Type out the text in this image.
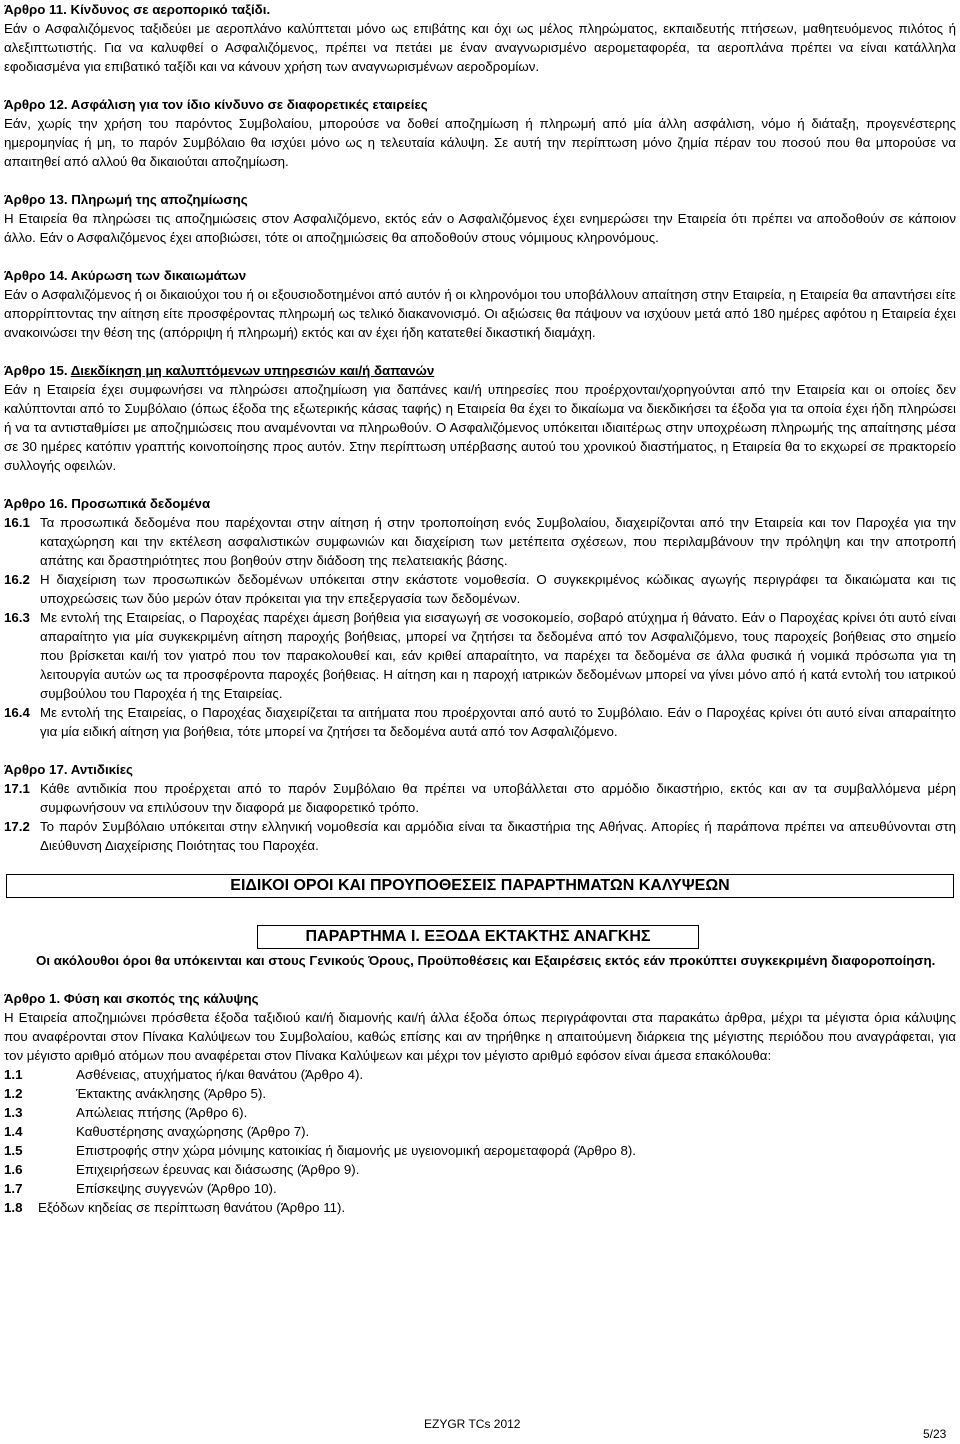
Άρθρο 11. Κίνδυνος σε αεροπορικό ταξίδι.
Εάν ο Ασφαλιζόμενος ταξιδεύει με αεροπλάνο καλύπτεται μόνο ως επιβάτης και όχι ως μέλος πληρώματος, εκπαιδευτής πτήσεων, μαθητευόμενος πιλότος ή αλεξιπτωτιστής. Για να καλυφθεί ο Ασφαλιζόμενος, πρέπει να πετάει με έναν αναγνωρισμένο αερομεταφορέα, τα αεροπλάνα πρέπει να είναι κατάλληλα εφοδιασμένα για επιβατικό ταξίδι και να κάνουν χρήση των αναγνωρισμένων αεροδρομίων.
Άρθρο 12. Ασφάλιση για τον ίδιο κίνδυνο σε διαφορετικές εταιρείες
Εάν, χωρίς την χρήση του παρόντος Συμβολαίου, μπορούσε να δοθεί αποζημίωση ή πληρωμή από μία άλλη ασφάλιση, νόμο ή διάταξη, προγενέστερης ημερομηνίας ή μη, το παρόν Συμβόλαιο θα ισχύει μόνο ως η τελευταία κάλυψη. Σε αυτή την περίπτωση μόνο ζημία πέραν του ποσού που θα μπορούσε να απαιτηθεί από αλλού θα δικαιούται αποζημίωση.
Άρθρο 13. Πληρωμή της αποζημίωσης
Η Εταιρεία θα πληρώσει τις αποζημιώσεις στον Ασφαλιζόμενο, εκτός εάν ο Ασφαλιζόμενος έχει ενημερώσει την Εταιρεία ότι πρέπει να αποδοθούν σε κάποιον άλλο. Εάν ο Ασφαλιζόμενος έχει αποβιώσει, τότε οι αποζημιώσεις θα αποδοθούν στους νόμιμους κληρονόμους.
Άρθρο 14. Ακύρωση των δικαιωμάτων
Εάν ο Ασφαλιζόμενος ή οι δικαιούχοι του ή οι εξουσιοδοτημένοι από αυτόν ή οι κληρονόμοι του υποβάλλουν απαίτηση στην Εταιρεία, η Εταιρεία θα απαντήσει είτε απορρίπτοντας την αίτηση είτε προσφέροντας πληρωμή ως τελικό διακανονισμό. Οι αξιώσεις θα πάψουν να ισχύουν μετά από 180 ημέρες αφότου η Εταιρεία έχει ανακοινώσει την θέση της (απόρριψη ή πληρωμή) εκτός και αν έχει ήδη κατατεθεί δικαστική διαμάχη.
Άρθρο 15. Διεκδίκηση μη καλυπτόμενων υπηρεσιών και/ή δαπανών
Εάν η Εταιρεία έχει συμφωνήσει να πληρώσει αποζημίωση για δαπάνες και/ή υπηρεσίες που προέρχονται/χορηγούνται από την Εταιρεία και οι οποίες δεν καλύπτονται από το Συμβόλαιο (όπως έξοδα της εξωτερικής κάσας ταφής) η Εταιρεία θα έχει το δικαίωμα να διεκδικήσει τα έξοδα για τα οποία έχει ήδη πληρώσει ή να τα αντισταθμίσει με αποζημιώσεις που αναμένονται να πληρωθούν. Ο Ασφαλιζόμενος υπόκειται ιδιαιτέρως στην υποχρέωση πληρωμής της απαίτησης μέσα σε 30 ημέρες κατόπιν γραπτής κοινοποίησης προς αυτόν. Στην περίπτωση υπέρβασης αυτού του χρονικού διαστήματος, η Εταιρεία θα το εκχωρεί σε πρακτορείο συλλογής οφειλών.
Άρθρο 16. Προσωπικά δεδομένα
16.1 Τα προσωπικά δεδομένα που παρέχονται στην αίτηση ή στην τροποποίηση ενός Συμβολαίου, διαχειρίζονται από την Εταιρεία και τον Παροχέα για την καταχώρηση και την εκτέλεση ασφαλιστικών συμφωνιών και διαχείριση των μετέπειτα σχέσεων, που περιλαμβάνουν την πρόληψη και την αποτροπή απάτης και δραστηριότητες που βοηθούν στην διάδοση της πελατειακής βάσης.
16.2 Η διαχείριση των προσωπικών δεδομένων υπόκειται στην εκάστοτε νομοθεσία. Ο συγκεκριμένος κώδικας αγωγής περιγράφει τα δικαιώματα και τις υποχρεώσεις των δύο μερών όταν πρόκειται για την επεξεργασία των δεδομένων.
16.3 Με εντολή της Εταιρείας, ο Παροχέας παρέχει άμεση βοήθεια για εισαγωγή σε νοσοκομείο, σοβαρό ατύχημα ή θάνατο. Εάν ο Παροχέας κρίνει ότι αυτό είναι απαραίτητο για μία συγκεκριμένη αίτηση παροχής βοήθειας, μπορεί να ζητήσει τα δεδομένα από τον Ασφαλιζόμενο, τους παροχείς βοήθειας στο σημείο που βρίσκεται και/ή τον γιατρό που τον παρακολουθεί και, εάν κριθεί απαραίτητο, να παρέχει τα δεδομένα σε άλλα φυσικά ή νομικά πρόσωπα για τη λειτουργία αυτών ως τα προσφέροντα παροχές βοήθειας. Η αίτηση και η παροχή ιατρικών δεδομένων μπορεί να γίνει μόνο από ή κατά εντολή του ιατρικού συμβούλου του Παροχέα ή της Εταιρείας.
16.4 Με εντολή της Εταιρείας, ο Παροχέας διαχειρίζεται τα αιτήματα που προέρχονται από αυτό το Συμβόλαιο. Εάν ο Παροχέας κρίνει ότι αυτό είναι απαραίτητο για μία ειδική αίτηση για βοήθεια, τότε μπορεί να ζητήσει τα δεδομένα αυτά από τον Ασφαλιζόμενο.
Άρθρο 17. Αντιδικίες
17.1 Κάθε αντιδικία που προέρχεται από το παρόν Συμβόλαιο θα πρέπει να υποβάλλεται στο αρμόδιο δικαστήριο, εκτός και αν τα συμβαλλόμενα μέρη συμφωνήσουν να επιλύσουν την διαφορά με διαφορετικό τρόπο.
17.2 Το παρόν Συμβόλαιο υπόκειται στην ελληνική νομοθεσία και αρμόδια είναι τα δικαστήρια της Αθήνας. Απορίες ή παράπονα πρέπει να απευθύνονται στη Διεύθυνση Διαχείρισης Ποιότητας του Παροχέα.
ΕΙΔΙΚΟΙ ΟΡΟΙ ΚΑΙ ΠΡΟΥΠΟΘΕΣΕΙΣ ΠΑΡΑΡΤΗΜΑΤΩΝ ΚΑΛΥΨΕΩΝ
ΠΑΡΑΡΤΗΜΑ Ι. ΕΞΟΔΑ ΕΚΤΑΚΤΗΣ ΑΝΑΓΚΗΣ
Οι ακόλουθοι όροι θα υπόκεινται και στους Γενικούς Όρους, Προϋποθέσεις και Εξαιρέσεις εκτός εάν προκύπτει συγκεκριμένη διαφοροποίηση.
Άρθρο 1. Φύση και σκοπός της κάλυψης
Η Εταιρεία αποζημιώνει πρόσθετα έξοδα ταξιδιού και/ή διαμονής και/ή άλλα έξοδα όπως περιγράφονται στα παρακάτω άρθρα, μέχρι τα μέγιστα όρια κάλυψης που αναφέρονται στον Πίνακα Καλύψεων του Συμβολαίου, καθώς επίσης και αν τηρήθηκε η απαιτούμενη διάρκεια της μέγιστης περιόδου που αναγράφεται, για τον μέγιστο αριθμό ατόμων που αναφέρεται στον Πίνακα Καλύψεων και μέχρι τον μέγιστο αριθμό εφόσον είναι άμεσα επακόλουθα:
1.1	Ασθένειας, ατυχήματος ή/και θανάτου (Άρθρο 4).
1.2	Έκτακτης ανάκλησης (Άρθρο 5).
1.3	Απώλειας πτήσης (Άρθρο 6).
1.4	Καθυστέρησης αναχώρησης (Άρθρο 7).
1.5	Επιστροφής στην χώρα μόνιμης κατοικίας ή διαμονής με υγειονομική αερομεταφορά (Άρθρο 8).
1.6	Επιχειρήσεων έρευνας και διάσωσης (Άρθρο 9).
1.7	Επίσκεψης συγγενών (Άρθρο 10).
1.8	Εξόδων κηδείας σε περίπτωση θανάτου (Άρθρο 11).
EZYGR TCs 2012
5/23
